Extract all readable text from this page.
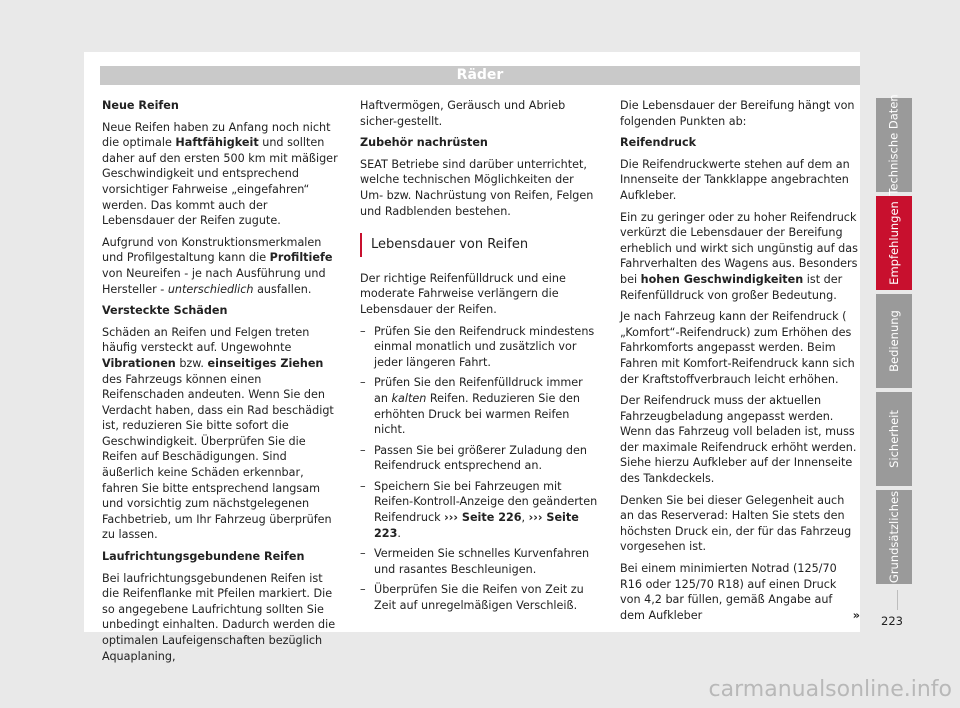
Räder

Neue Reifen

Neue Reifen haben zu Anfang noch nicht die optimale Haftfähigkeit und sollten daher auf den ersten 500 km mit mäßiger Geschwindigkeit und entsprechend vorsichtiger Fahrweise „eingefahren“ werden. Das kommt auch der Lebensdauer der Reifen zugute.

Aufgrund von Konstruktionsmerkmalen und Profilgestaltung kann die Profiltiefe von Neureifen - je nach Ausführung und Hersteller - unterschiedlich ausfallen.

Versteckte Schäden

Schäden an Reifen und Felgen treten häufig versteckt auf. Ungewohnte Vibrationen bzw. einseitiges Ziehen des Fahrzeugs können einen Reifenschaden andeuten. Wenn Sie den Verdacht haben, dass ein Rad beschädigt ist, reduzieren Sie bitte sofort die Geschwindigkeit. Überprüfen Sie die Reifen auf Beschädigungen. Sind äußerlich keine Schäden erkennbar, fahren Sie bitte entsprechend langsam und vorsichtig zum nächstgelegenen Fachbetrieb, um Ihr Fahrzeug überprüfen zu lassen.

Laufrichtungsgebundene Reifen

Bei laufrichtungsgebundenen Reifen ist die Reifenflanke mit Pfeilen markiert. Die so angegebene Laufrichtung sollten Sie unbedingt einhalten. Dadurch werden die optimalen Laufeigenschaften bezüglich Aquaplaning,

Haftvermögen, Geräusch und Abrieb sicher-gestellt.

Zubehör nachrüsten

SEAT Betriebe sind darüber unterrichtet, welche technischen Möglichkeiten der Um- bzw. Nachrüstung von Reifen, Felgen und Radblenden bestehen.

Lebensdauer von Reifen

Der richtige Reifenfülldruck und eine moderate Fahrweise verlängern die Lebensdauer der Reifen.

– Prüfen Sie den Reifendruck mindestens einmal monatlich und zusätzlich vor jeder längeren Fahrt.
– Prüfen Sie den Reifenfülldruck immer an kalten Reifen. Reduzieren Sie den erhöhten Druck bei warmen Reifen nicht.
– Passen Sie bei größerer Zuladung den Reifendruck entsprechend an.
– Speichern Sie bei Fahrzeugen mit Reifen-Kontroll-Anzeige den geänderten Reifendruck ››› Seite 226, ››› Seite 223.
– Vermeiden Sie schnelles Kurvenfahren und rasantes Beschleunigen.
– Überprüfen Sie die Reifen von Zeit zu Zeit auf unregelmäßigen Verschleiß.

Die Lebensdauer der Bereifung hängt von folgenden Punkten ab:

Reifendruck

Die Reifendruckwerte stehen auf dem an Innenseite der Tankklappe angebrachten Aufkleber.

Ein zu geringer oder zu hoher Reifendruck verkürzt die Lebensdauer der Bereifung erheblich und wirkt sich ungünstig auf das Fahrverhalten des Wagens aus. Besonders bei hohen Geschwindigkeiten ist der Reifenfülldruck von großer Bedeutung.

Je nach Fahrzeug kann der Reifendruck ( „Komfort“-Reifendruck) zum Erhöhen des Fahrkomforts angepasst werden. Beim Fahren mit Komfort-Reifendruck kann sich der Kraftstoffverbrauch leicht erhöhen.

Der Reifendruck muss der aktuellen Fahrzeugbeladung angepasst werden. Wenn das Fahrzeug voll beladen ist, muss der maximale Reifendruck erhöht werden. Siehe hierzu Aufkleber auf der Innenseite des Tankdeckels.

Denken Sie bei dieser Gelegenheit auch an das Reserverad: Halten Sie stets den höchsten Druck ein, der für das Fahrzeug vorgesehen ist.

Bei einem minimierten Notrad (125/70 R16 oder 125/70 R18) auf einen Druck von 4,2 bar füllen, gemäß Angabe auf dem Aufkleber	»

Technische Daten
Empfehlungen
Bedienung
Sicherheit
Grundsätzliches
223
carmanualsonline.info
